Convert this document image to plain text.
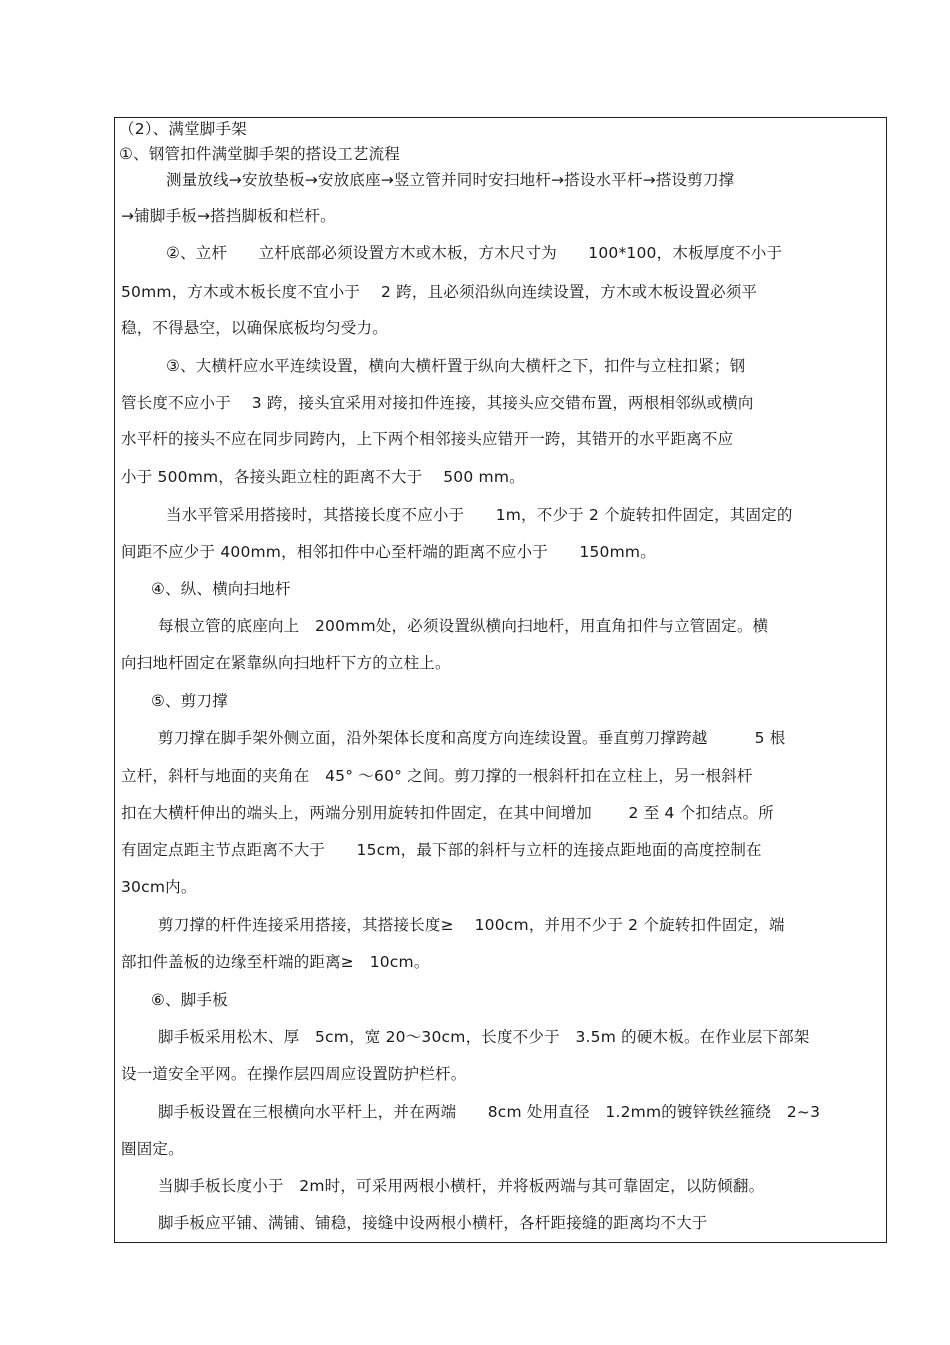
（2）、满堂脚手架
①、钢管扣件满堂脚手架的搭设工艺流程
测量放线→安放垫板→安放底座→竖立管并同时安扫地杆→搭设水平杆→搭设剪刀撑
→铺脚手板→搭挡脚板和栏杆。
②、立杆　　立杆底部必须设置方木或木板，方木尺寸为　　100*100，木板厚度不小于
50mm，方木或木板长度不宜小于　 2 跨，且必须沿纵向连续设置，方木或木板设置必须平
稳，不得悬空，以确保底板均匀受力。
③、大横杆应水平连续设置，横向大横杆置于纵向大横杆之下，扣件与立柱扣紧；钢
管长度不应小于　 3 跨，接头宜采用对接扣件连接，其接头应交错布置，两根相邻纵或横向
水平杆的接头不应在同步同跨内，上下两个相邻接头应错开一跨，其错开的水平距离不应
小于 500mm，各接头距立柱的距离不大于　 500 mm。
当水平管采用搭接时，其搭接长度不应小于　　1m，不少于 2 个旋转扣件固定，其固定的
间距不应少于 400mm，相邻扣件中心至杆端的距离不应小于　　150mm。
④、纵、横向扫地杆
每根立管的底座向上　200mm处，必须设置纵横向扫地杆，用直角扣件与立管固定。横
向扫地杆固定在紧靠纵向扫地杆下方的立柱上。
⑤、剪刀撑
剪刀撑在脚手架外侧立面，沿外架体长度和高度方向连续设置。垂直剪刀撑跨越　　　5 根
立杆，斜杆与地面的夹角在　45° ～60° 之间。剪刀撑的一根斜杆扣在立柱上，另一根斜杆
扣在大横杆伸出的端头上，两端分别用旋转扣件固定，在其中间增加　　 2 至 4 个扣结点。所
有固定点距主节点距离不大于　　15cm，最下部的斜杆与立杆的连接点距地面的高度控制在
30cm内。
剪刀撑的杆件连接采用搭接，其搭接长度≥　 100cm，并用不少于 2 个旋转扣件固定，端
部扣件盖板的边缘至杆端的距离≥　10cm。
⑥、脚手板
脚手板采用松木、厚　5cm，宽 20～30cm，长度不少于　3.5m 的硬木板。在作业层下部架
设一道安全平网。在操作层四周应设置防护栏杆。
脚手板设置在三根横向水平杆上，并在两端　　8cm 处用直径　1.2mm的镀锌铁丝箍绕　2~3
圈固定。
当脚手板长度小于　2m时，可采用两根小横杆，并将板两端与其可靠固定，以防倾翻。
脚手板应平铺、满铺、铺稳，接缝中设两根小横杆，各杆距接缝的距离均不大于
